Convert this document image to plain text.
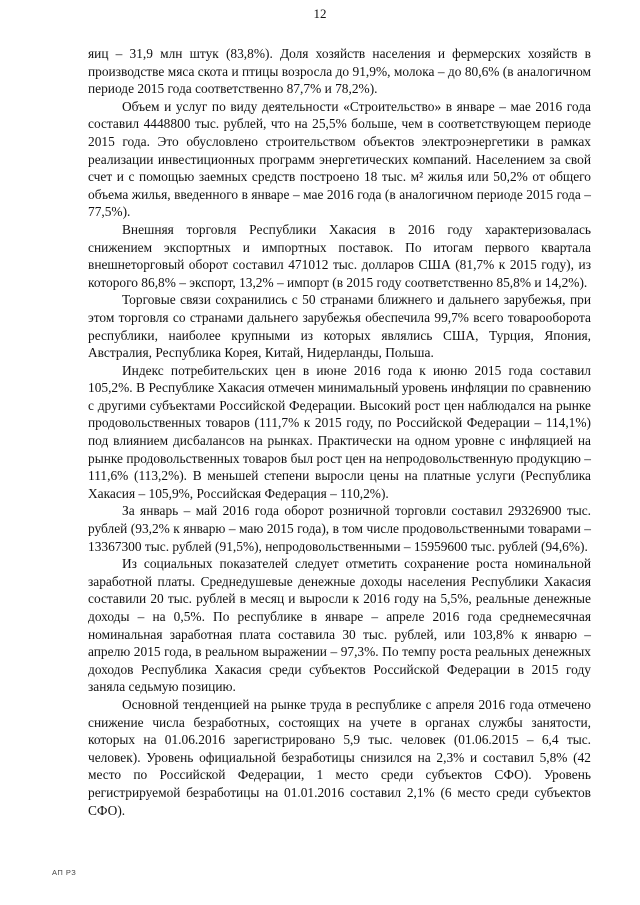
12

яиц – 31,9 млн штук (83,8%). Доля хозяйств населения и фермерских хозяйств в производстве мяса скота и птицы возросла до 91,9%, молока – до 80,6% (в аналогичном периоде 2015 года соответственно 87,7% и 78,2%).

Объем и услуг по виду деятельности «Строительство» в январе – мае 2016 года составил 4448800 тыс. рублей, что на 25,5% больше, чем в соответствующем периоде 2015 года. Это обусловлено строительством объектов электроэнергетики в рамках реализации инвестиционных программ энергетических компаний. Населением за свой счет и с помощью заемных средств построено 18 тыс. м² жилья или 50,2% от общего объема жилья, введенного в январе – мае 2016 года (в аналогичном периоде 2015 года – 77,5%).

Внешняя торговля Республики Хакасия в 2016 году характеризовалась снижением экспортных и импортных поставок. По итогам первого квартала внешнеторговый оборот составил 471012 тыс. долларов США (81,7% к 2015 году), из которого 86,8% – экспорт, 13,2% – импорт (в 2015 году соответственно 85,8% и 14,2%).

Торговые связи сохранились с 50 странами ближнего и дальнего зарубежья, при этом торговля со странами дальнего зарубежья обеспечила 99,7% всего товарооборота республики, наиболее крупными из которых являлись США, Турция, Япония, Австралия, Республика Корея, Китай, Нидерланды, Польша.

Индекс потребительских цен в июне 2016 года к июню 2015 года составил 105,2%. В Республике Хакасия отмечен минимальный уровень инфляции по сравнению с другими субъектами Российской Федерации. Высокий рост цен наблюдался на рынке продовольственных товаров (111,7% к 2015 году, по Российской Федерации – 114,1%) под влиянием дисбалансов на рынках. Практически на одном уровне с инфляцией на рынке продовольственных товаров был рост цен на непродовольственную продукцию – 111,6% (113,2%). В меньшей степени выросли цены на платные услуги (Республика Хакасия – 105,9%, Российская Федерация – 110,2%).

За январь – май 2016 года оборот розничной торговли составил 29326900 тыс. рублей (93,2% к январю – маю 2015 года), в том числе продовольственными товарами – 13367300 тыс. рублей (91,5%), непродовольственными – 15959600 тыс. рублей (94,6%).

Из социальных показателей следует отметить сохранение роста номинальной заработной платы. Среднедушевые денежные доходы населения Республики Хакасия составили 20 тыс. рублей в месяц и выросли к 2016 году на 5,5%, реальные денежные доходы – на 0,5%. По республике в январе – апреле 2016 года среднемесячная номинальная заработная плата составила 30 тыс. рублей, или 103,8% к январю – апрелю 2015 года, в реальном выражении – 97,3%. По темпу роста реальных денежных доходов Республика Хакасия среди субъектов Российской Федерации в 2015 году заняла седьмую позицию.

Основной тенденцией на рынке труда в республике с апреля 2016 года отмечено снижение числа безработных, состоящих на учете в органах службы занятости, которых на 01.06.2016 зарегистрировано 5,9 тыс. человек (01.06.2015 – 6,4 тыс. человек). Уровень официальной безработицы снизился на 2,3% и составил 5,8% (42 место по Российской Федерации, 1 место среди субъектов СФО). Уровень регистрируемой безработицы на 01.01.2016 составил 2,1% (6 место среди субъектов СФО).

АП РЗ
